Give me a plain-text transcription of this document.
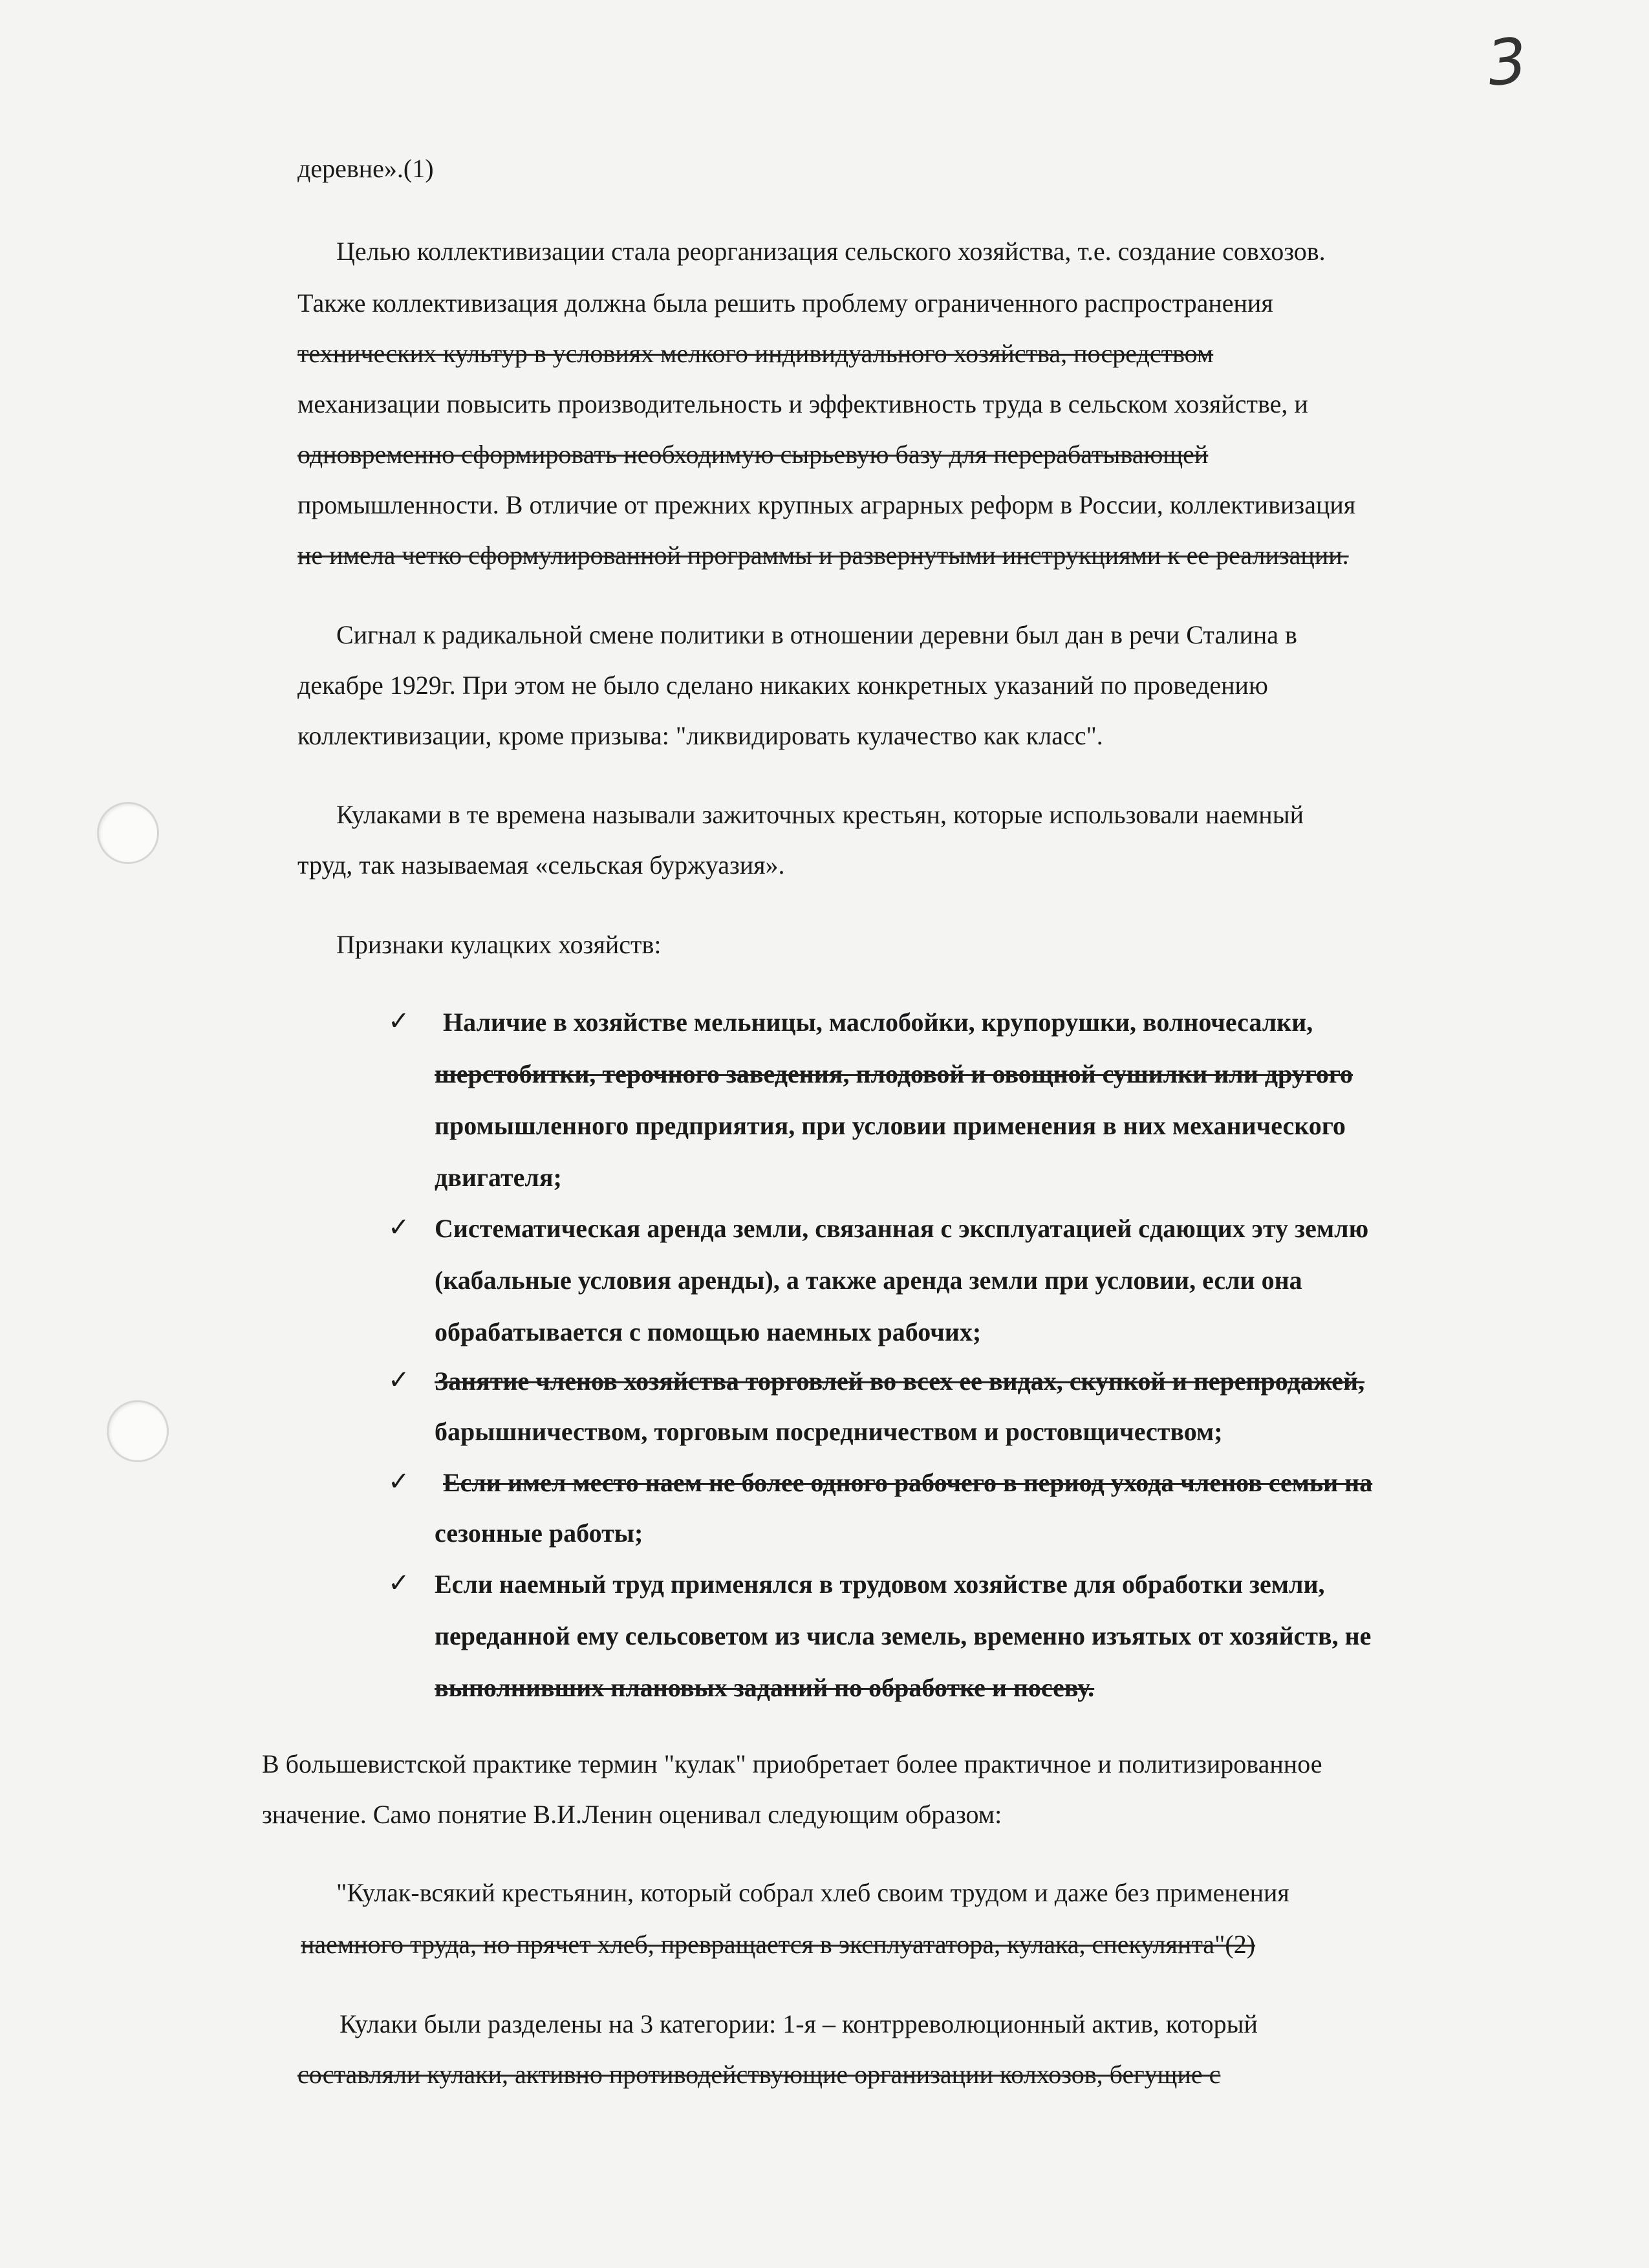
3
деревне».(1)
Целью коллективизации стала реорганизация сельского хозяйства, т.е. создание совхозов.
Также коллективизация должна была решить проблему ограниченного распространения
технических культур в условиях мелкого индивидуального хозяйства, посредством
механизации повысить производительность и эффективность труда в сельском хозяйстве, и
одновременно сформировать необходимую сырьевую базу для перерабатывающей
промышленности. В отличие от прежних крупных аграрных реформ в России, коллективизация
не имела четко сформулированной программы и развернутыми инструкциями к ее реализации.
Сигнал к радикальной смене политики в отношении деревни был дан в речи Сталина в
декабре 1929г. При этом не было сделано никаких конкретных указаний по проведению
коллективизации, кроме призыва: "ликвидировать кулачество как класс".
Кулаками в те времена называли зажиточных крестьян, которые использовали наемный
труд, так называемая «сельская буржуазия».
Признаки кулацких хозяйств:
✓ Наличие в хозяйстве мельницы, маслобойки, крупорушки, волночесалки,
шерстобитки, терочного заведения, плодовой и овощной сушилки или другого
промышленного предприятия, при условии применения в них механического
двигателя;
✓ Систематическая аренда земли, связанная с эксплуатацией сдающих эту землю
(кабальные условия аренды), а также аренда земли при условии, если она
обрабатывается с помощью наемных рабочих;
✓ Занятие членов хозяйства торговлей во всех ее видах, скупкой и перепродажей,
барышничеством, торговым посредничеством и ростовщичеством;
✓ Если имел место наем не более одного рабочего в период ухода членов семьи на
сезонные работы;
✓ Если наемный труд применялся в трудовом хозяйстве для обработки земли,
переданной ему сельсоветом из числа земель, временно изъятых от хозяйств, не
выполнивших плановых заданий по обработке и посеву.
В большевистской практике термин "кулак" приобретает более практичное и политизированное
значение. Само понятие В.И.Ленин оценивал следующим образом:
"Кулак-всякий крестьянин, который собрал хлеб своим трудом и даже без применения
наемного труда, но прячет хлеб, превращается в эксплуататора, кулака, спекулянта"(2)
Кулаки были разделены на 3 категории: 1-я – контрреволюционный актив, который
составляли кулаки, активно противодействующие организации колхозов, бегущие с
